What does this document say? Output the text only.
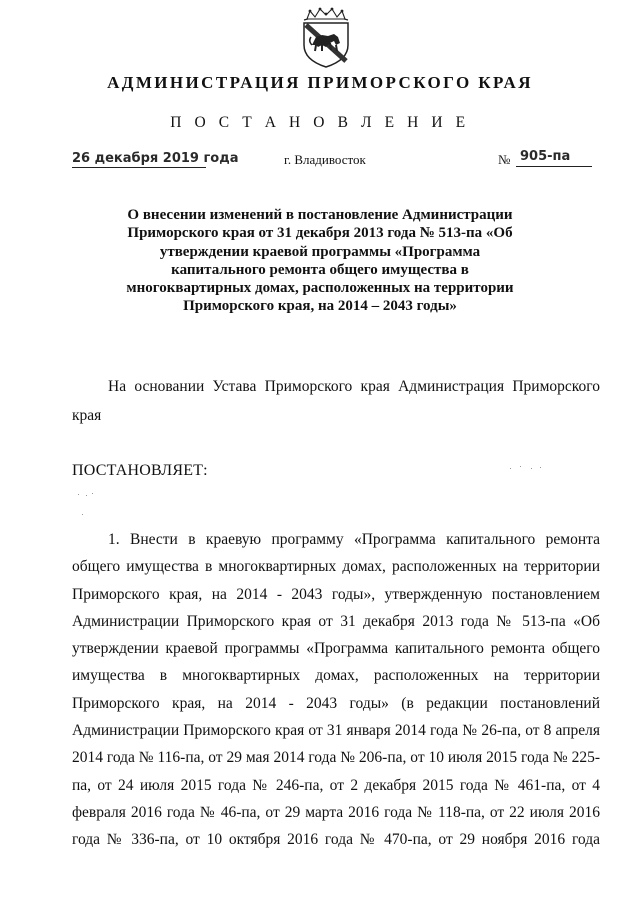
АДМИНИСТРАЦИЯ ПРИМОРСКОГО КРАЯ
П О С Т А Н О В Л Е Н И Е
26 декабря 2019 года	г. Владивосток	№ 905-па
О внесении изменений в постановление Администрации Приморского края от 31 декабря 2013 года № 513-па «Об утверждении краевой программы «Программа капитального ремонта общего имущества в многоквартирных домах, расположенных на территории Приморского края, на 2014 – 2043 годы»
На основании Устава Приморского края Администрация Приморского края
ПОСТАНОВЛЯЕТ:
1. Внести в краевую программу «Программа капитального ремонта общего имущества в многоквартирных домах, расположенных на территории Приморского края, на 2014 - 2043 годы», утвержденную постановлением Администрации Приморского края от 31 декабря 2013 года № 513-па «Об утверждении краевой программы «Программа капитального ремонта общего имущества в многоквартирных домах, расположенных на территории Приморского края, на 2014 - 2043 годы» (в редакции постановлений Администрации Приморского края от 31 января 2014 года № 26-па, от 8 апреля 2014 года № 116-па, от 29 мая 2014 года № 206-па, от 10 июля 2015 года № 225-па, от 24 июля 2015 года № 246-па, от 2 декабря 2015 года № 461-па, от 4 февраля 2016 года № 46-па, от 29 марта 2016 года № 118-па, от 22 июля 2016 года № 336-па, от 10 октября 2016 года № 470-па, от 29 ноября 2016 года
